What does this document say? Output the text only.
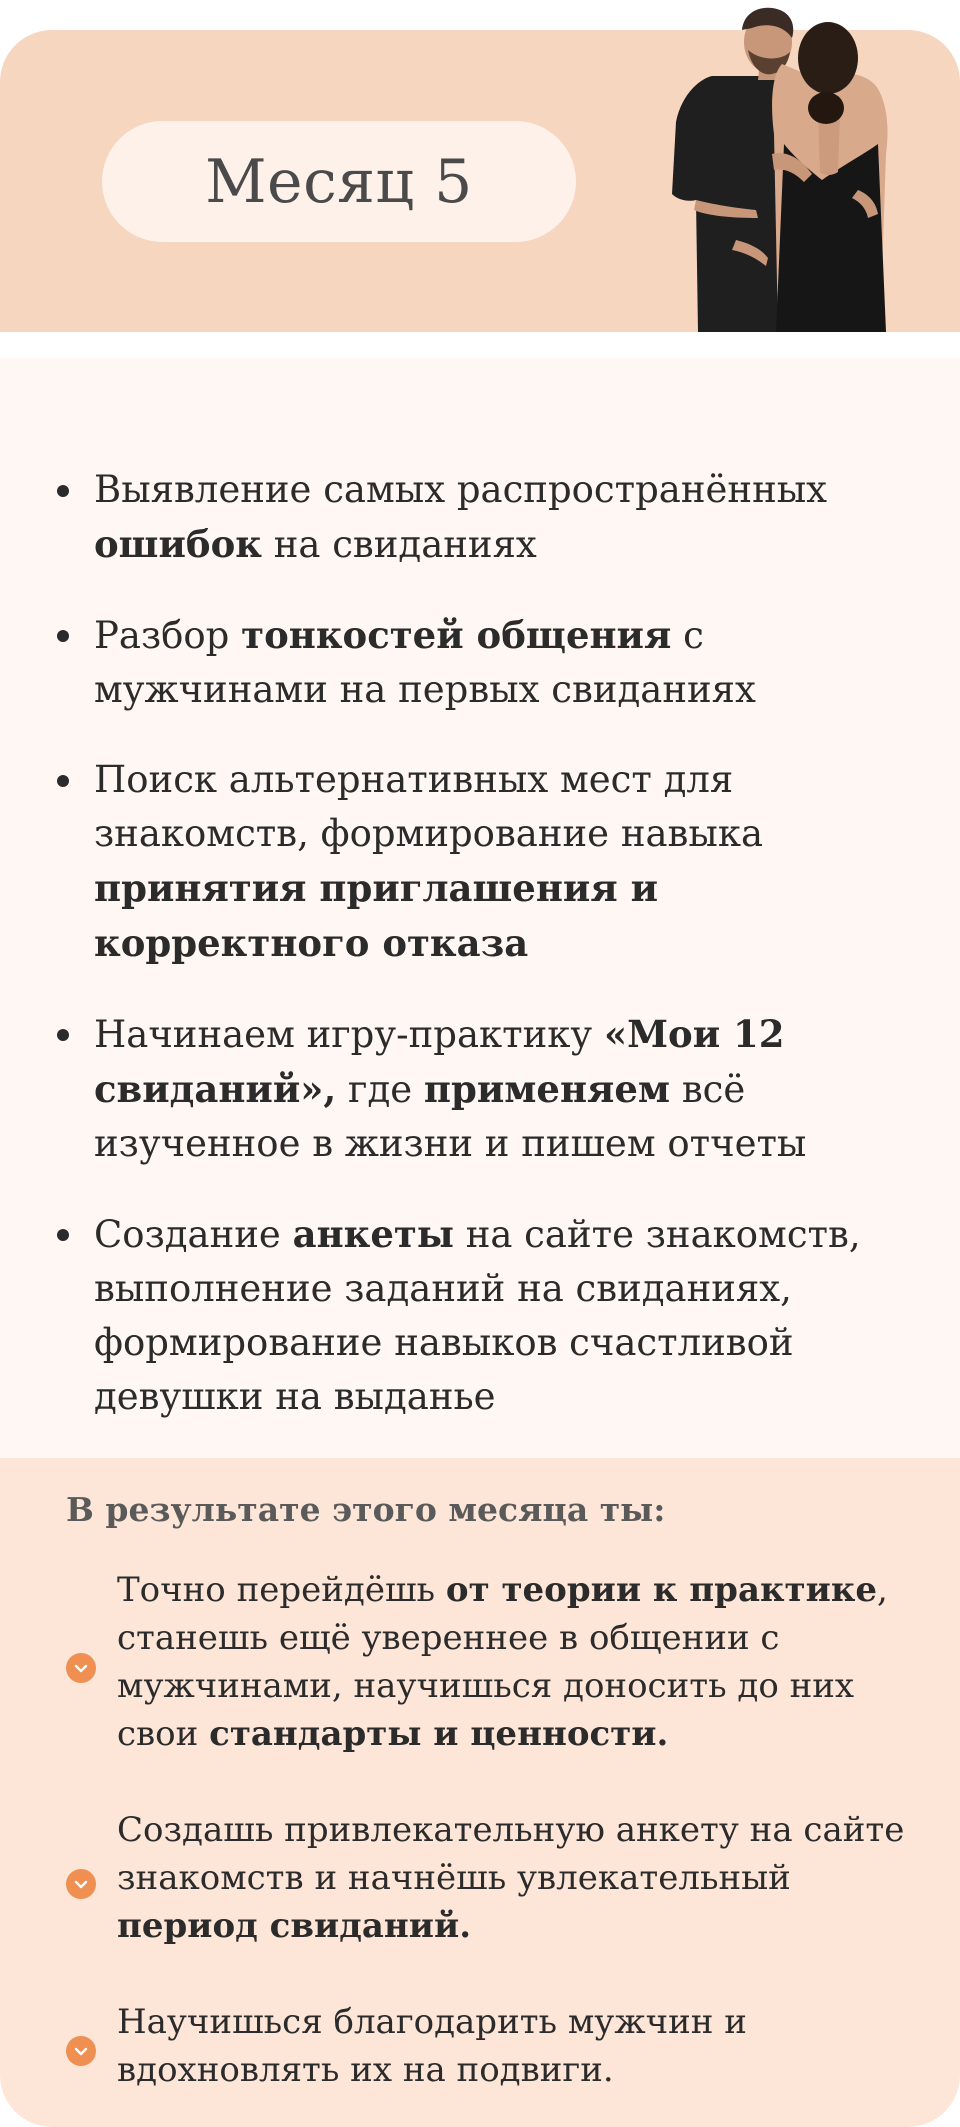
Месяц 5
Выявление самых распространённых ошибок на свиданиях
Разбор тонкостей общения с мужчинами на первых свиданиях
Поиск альтернативных мест для знакомств, формирование навыка принятия приглашения и корректного отказа
Начинаем игру-практику «Мои 12 свиданий», где применяем всё изученное в жизни и пишем отчеты
Создание анкеты на сайте знакомств, выполнение заданий на свиданиях, формирование навыков счастливой девушки на выданье
В результате этого месяца ты:
Точно перейдёшь от теории к практике, станешь ещё увереннее в общении с мужчинами, научишься доносить до них свои стандарты и ценности.
Создашь привлекательную анкету на сайте знакомств и начнёшь увлекательный период свиданий.
Научишься благодарить мужчин и вдохновлять их на подвиги.
